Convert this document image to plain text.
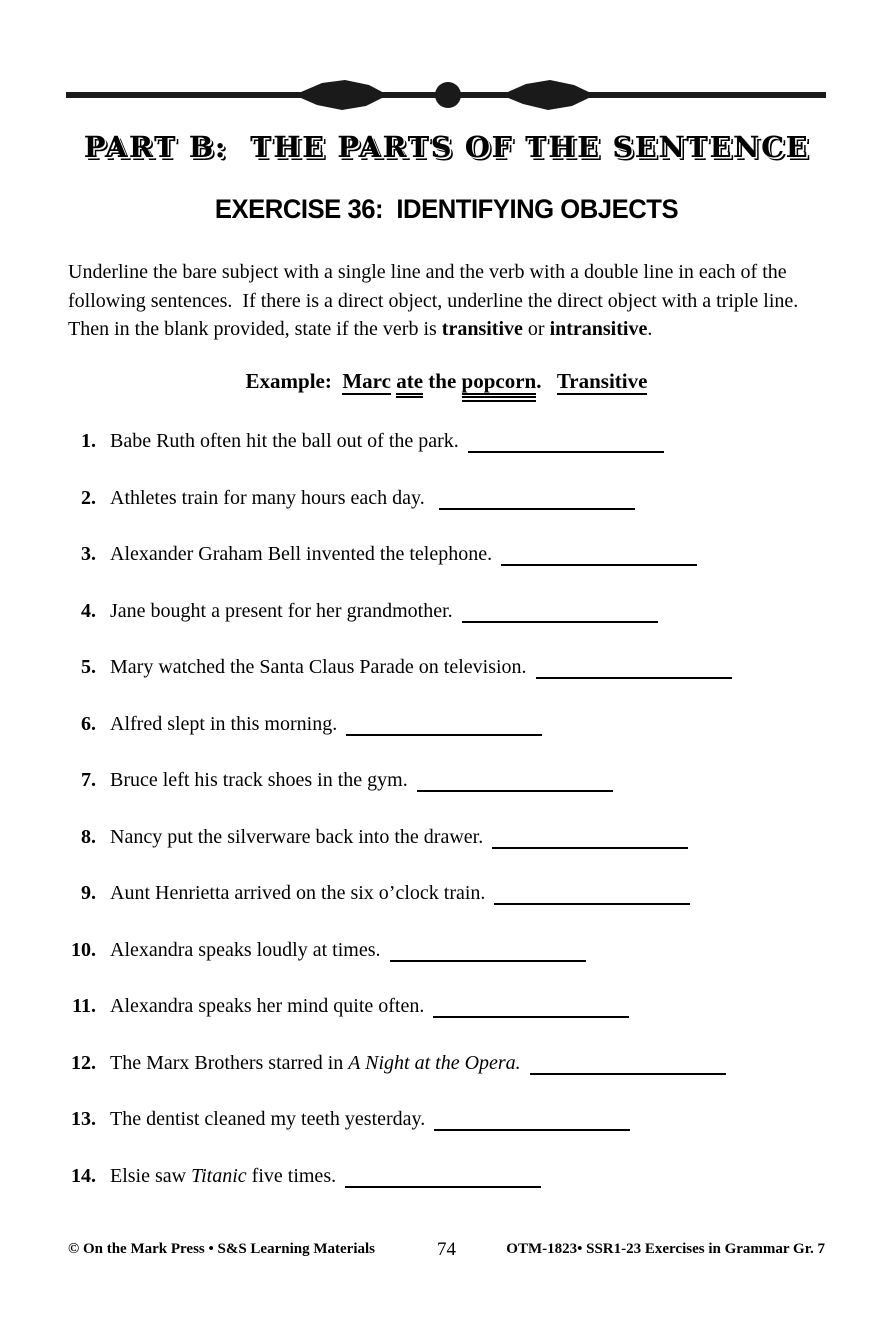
PART B:  THE PARTS OF THE SENTENCE
EXERCISE 36:  IDENTIFYING OBJECTS
Underline the bare subject with a single line and the verb with a double line in each of the
following sentences.  If there is a direct object, underline the direct object with a triple line.
Then in the blank provided, state if the verb is transitive or intransitive.
Example: Marc ate the popcorn.   Transitive
1. Babe Ruth often hit the ball out of the park.
2. Athletes train for many hours each day.
3. Alexander Graham Bell invented the telephone.
4. Jane bought a present for her grandmother.
5. Mary watched the Santa Claus Parade on television.
6. Alfred slept in this morning.
7. Bruce left his track shoes in the gym.
8. Nancy put the silverware back into the drawer.
9. Aunt Henrietta arrived on the six o’clock train.
10. Alexandra speaks loudly at times.
11. Alexandra speaks her mind quite often.
12. The Marx Brothers starred in A Night at the Opera.
13. The dentist cleaned my teeth yesterday.
14. Elsie saw Titanic five times.
© On the Mark Press • S&S Learning Materials	74	OTM-1823• SSR1-23 Exercises in Grammar Gr. 7
